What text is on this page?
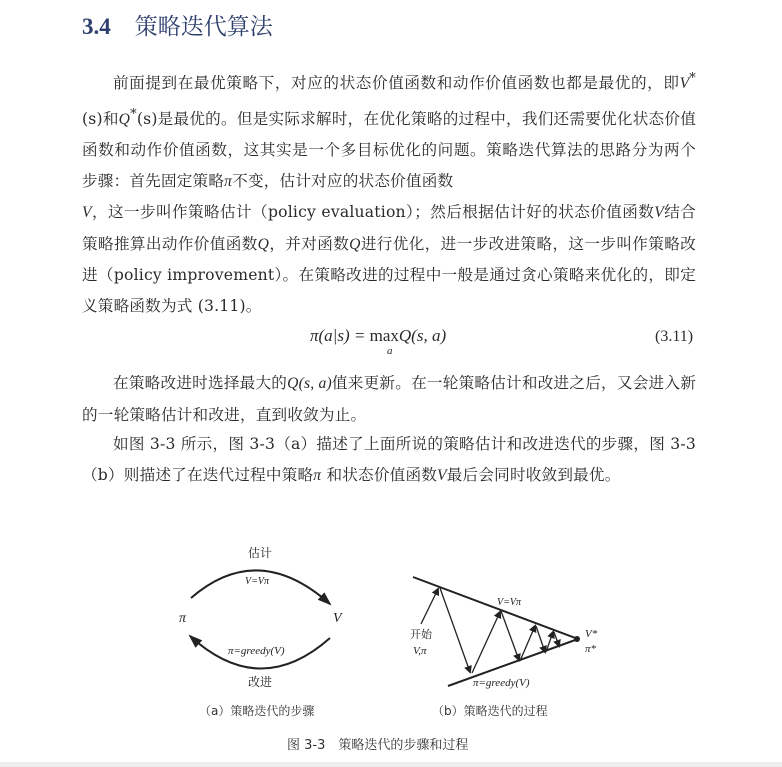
3.4 策略迭代算法
前面提到在最优策略下，对应的状态价值函数和动作价值函数也都是最优的，即V*(s)和Q*(s)是最优的。但是实际求解时，在优化策略的过程中，我们还需要优化状态价值函数和动作价值函数，这其实是一个多目标优化的问题。策略迭代算法的思路分为两个步骤：首先固定策略π不变，估计对应的状态价值函数
V，这一步叫作策略估计（policy evaluation）；然后根据估计好的状态价值函数V结合策略推算出动作价值函数Q，并对函数Q进行优化，进一步改进策略，这一步叫作策略改进（policy improvement）。在策略改进的过程中一般是通过贪心策略来优化的，即定义策略函数为式 (3.11)。
π(a|s) = maxQ(s, a)
a
(3.11)
在策略改进时选择最大的Q(s, a)值来更新。在一轮策略估计和改进之后，又会进入新的一轮策略估计和改进，直到收敛为止。
如图 3-3 所示，图 3-3（a）描述了上面所说的策略估计和改进迭代的步骤，图 3-3（b）则描述了在迭代过程中策略π 和状态价值函数V最后会同时收敛到最优。
估计
V=Vπ
π	V
π=greedy(V)
改进
开始
V,π
V=Vπ
π=greedy(V)
V*
π*
（a）策略迭代的步骤	（b）策略迭代的过程
图 3-3　策略迭代的步骤和过程
